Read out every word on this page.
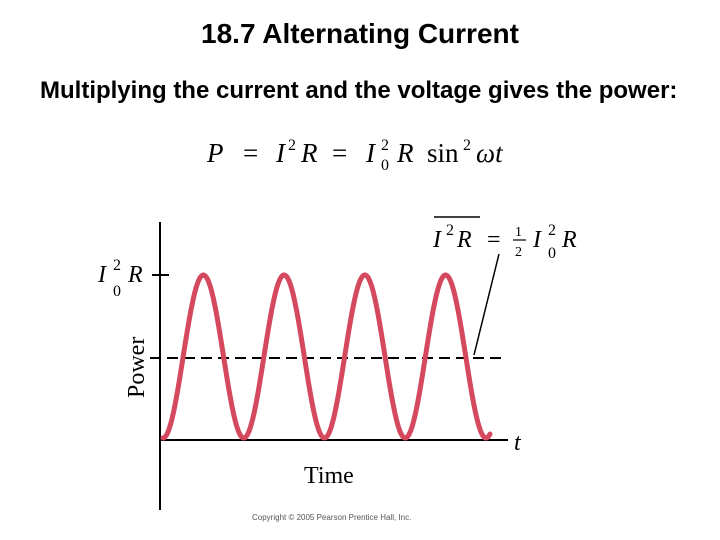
18.7 Alternating Current
Multiplying the current and the voltage gives the power:
P = I 2 R = I 2
0 R sin 2 ωt
Power
Time
t
I 2
0
R
I 2 R = 1
2 I 2
0
R
Copyright © 2005 Pearson Prentice Hall, Inc.
